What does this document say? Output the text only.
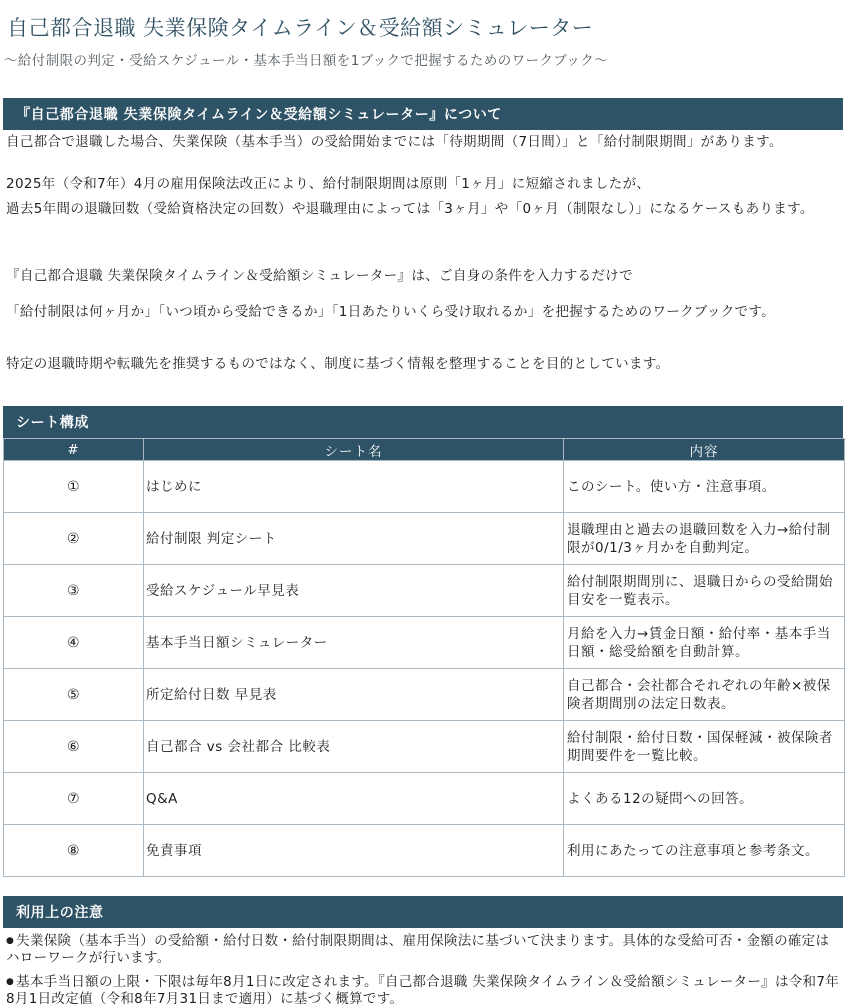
自己都合退職 失業保険タイムライン＆受給額シミュレーター
〜給付制限の判定・受給スケジュール・基本手当日額を1ブックで把握するためのワークブック〜
『自己都合退職 失業保険タイムライン＆受給額シミュレーター』について
自己都合で退職した場合、失業保険（基本手当）の受給開始までには「待期期間（7日間）」と「給付制限期間」があります。
2025年（令和7年）4月の雇用保険法改正により、給付制限期間は原則「1ヶ月」に短縮されましたが、
過去5年間の退職回数（受給資格決定の回数）や退職理由によっては「3ヶ月」や「0ヶ月（制限なし）」になるケースもあります。
『自己都合退職 失業保険タイムライン＆受給額シミュレーター』は、ご自身の条件を入力するだけで
「給付制限は何ヶ月か」「いつ頃から受給できるか」「1日あたりいくら受け取れるか」を把握するためのワークブックです。
特定の退職時期や転職先を推奨するものではなく、制度に基づく情報を整理することを目的としています。
シート構成
#	シート名	内容
①	はじめに	このシート。使い方・注意事項。
②	給付制限 判定シート	退職理由と過去の退職回数を入力→給付制限が0/1/3ヶ月かを自動判定。
③	受給スケジュール早見表	給付制限期間別に、退職日からの受給開始目安を一覧表示。
④	基本手当日額シミュレーター	月給を入力→賃金日額・給付率・基本手当日額・総受給額を自動計算。
⑤	所定給付日数 早見表	自己都合・会社都合それぞれの年齢×被保険者期間別の法定日数表。
⑥	自己都合 vs 会社都合 比較表	給付制限・給付日数・国保軽減・被保険者期間要件を一覧比較。
⑦	Q&A	よくある12の疑問への回答。
⑧	免責事項	利用にあたっての注意事項と参考条文。
利用上の注意
● 失業保険（基本手当）の受給額・給付日数・給付制限期間は、雇用保険法に基づいて決まります。具体的な受給可否・金額の確定はハローワークが行います。
● 基本手当日額の上限・下限は毎年8月1日に改定されます。『自己都合退職 失業保険タイムライン＆受給額シミュレーター』は令和7年8月1日改定値（令和8年7月31日まで適用）に基づく概算です。
